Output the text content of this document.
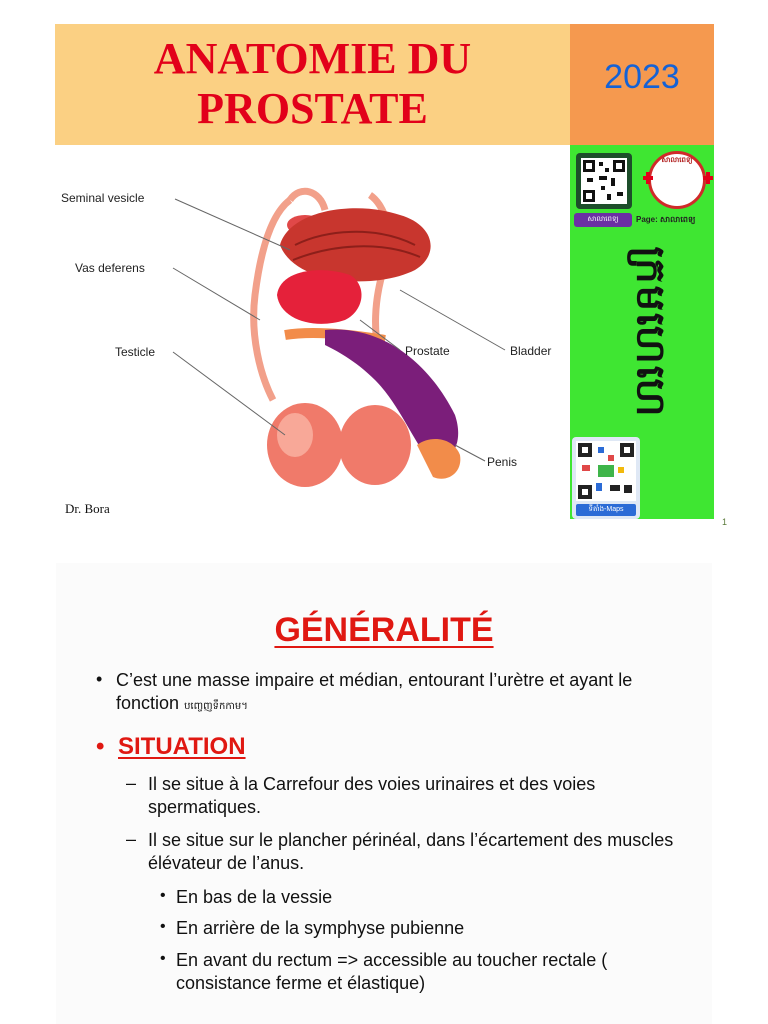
ANATOMIE DU PROSTATE
2023
Seminal vesicle
Vas deferens
Testicle	Prostate	Bladder
Penis
Dr. Bora
សាលាពេទ្យ
សាលាពេទ្យ	Page: សាលាពេទ្យ
ក្រមហេហេ
ទីតាំង-Maps
1
GÉNÉRALITÉ
• C’est une masse impaire et médian, entourant l’urètre et ayant le fonction បញ្ចេញទឹកកាម។
• SITUATION
– Il se situe à la Carrefour des voies urinaires et des voies spermatiques.
– Il se situe sur le plancher périnéal, dans l’écartement des muscles élévateur de l’anus.
• En bas de la vessie
• En arrière de la symphyse pubienne
• En avant du rectum => accessible au toucher rectale ( consistance ferme et élastique)
